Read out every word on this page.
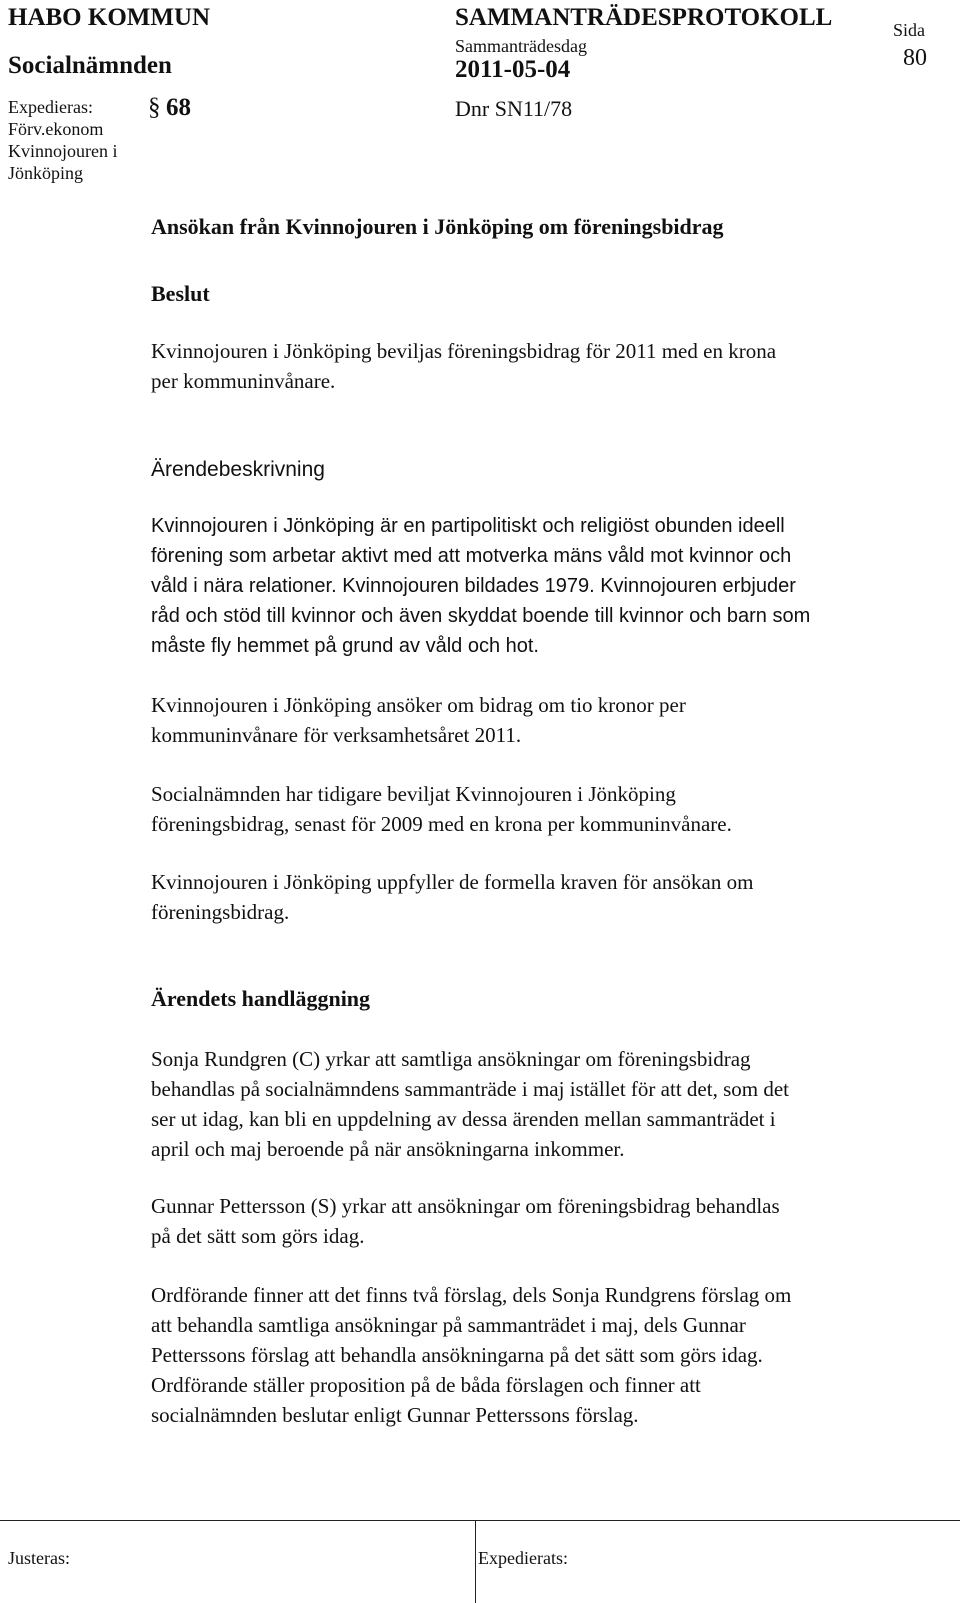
HABO KOMMUN
Socialnämnden
SAMMANTRÄDESPROTOKOLL
Sammanträdesdag
2011-05-04
Sida
80
Expedieras:
Förv.ekonom
Kvinnojouren i
Jönköping
§ 68	Dnr SN11/78
Ansökan från Kvinnojouren i Jönköping om föreningsbidrag
Beslut
Kvinnojouren i Jönköping beviljas föreningsbidrag för 2011 med en krona
per kommuninvånare.
Ärendebeskrivning
Kvinnojouren i Jönköping är en partipolitiskt och religiöst obunden ideell
förening som arbetar aktivt med att motverka mäns våld mot kvinnor och
våld i nära relationer. Kvinnojouren bildades 1979. Kvinnojouren erbjuder
råd och stöd till kvinnor och även skyddat boende till kvinnor och barn som
måste fly hemmet på grund av våld och hot.
Kvinnojouren i Jönköping ansöker om bidrag om tio kronor per
kommuninvånare för verksamhetsåret 2011.
Socialnämnden har tidigare beviljat Kvinnojouren i Jönköping
föreningsbidrag, senast för 2009 med en krona per kommuninvånare.
Kvinnojouren i Jönköping uppfyller de formella kraven för ansökan om
föreningsbidrag.
Ärendets handläggning
Sonja Rundgren (C) yrkar att samtliga ansökningar om föreningsbidrag
behandlas på socialnämndens sammanträde i maj istället för att det, som det
ser ut idag, kan bli en uppdelning av dessa ärenden mellan sammanträdet i
april och maj beroende på när ansökningarna inkommer.
Gunnar Pettersson (S) yrkar att ansökningar om föreningsbidrag behandlas
på det sätt som görs idag.
Ordförande finner att det finns två förslag, dels Sonja Rundgrens förslag om
att behandla samtliga ansökningar på sammanträdet i maj, dels Gunnar
Petterssons förslag att behandla ansökningarna på det sätt som görs idag.
Ordförande ställer proposition på de båda förslagen och finner att
socialnämnden beslutar enligt Gunnar Petterssons förslag.
Justeras:	Expedierats:
